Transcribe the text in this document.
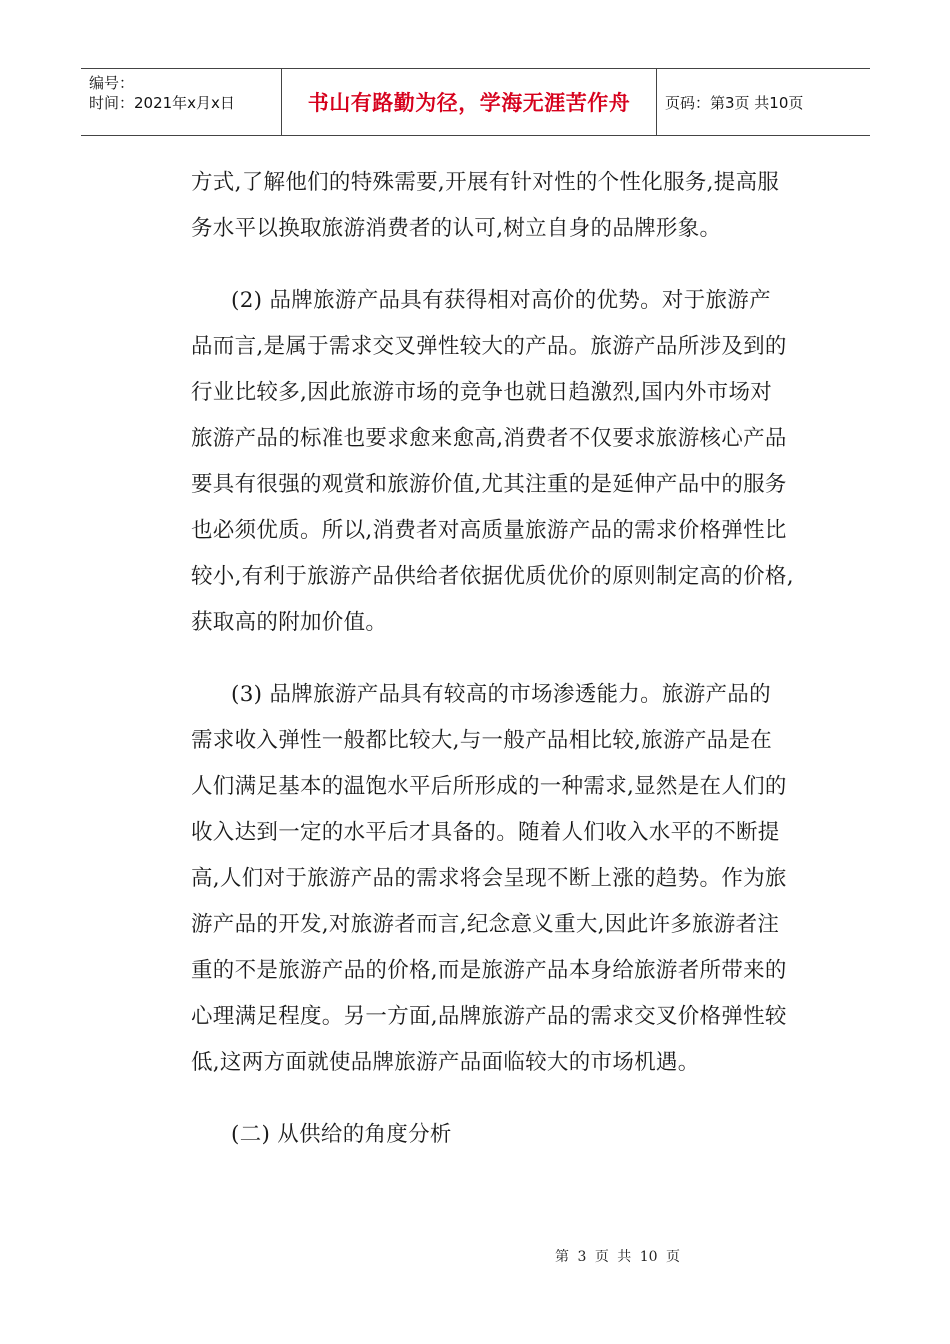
编号：
时间：2021年x月x日	书山有路勤为径，学海无涯苦作舟 页码：第3页 共10页
方式,了解他们的特殊需要,开展有针对性的个性化服务,提高服
务水平以换取旅游消费者的认可,树立自身的品牌形象。
(2) 品牌旅游产品具有获得相对高价的优势。对于旅游产
品而言,是属于需求交叉弹性较大的产品。旅游产品所涉及到的
行业比较多,因此旅游市场的竞争也就日趋激烈,国内外市场对
旅游产品的标准也要求愈来愈高,消费者不仅要求旅游核心产品
要具有很强的观赏和旅游价值,尤其注重的是延伸产品中的服务
也必须优质。所以,消费者对高质量旅游产品的需求价格弹性比
较小,有利于旅游产品供给者依据优质优价的原则制定高的价格,
获取高的附加价值。
(3) 品牌旅游产品具有较高的市场渗透能力。旅游产品的
需求收入弹性一般都比较大,与一般产品相比较,旅游产品是在
人们满足基本的温饱水平后所形成的一种需求,显然是在人们的
收入达到一定的水平后才具备的。随着人们收入水平的不断提
高,人们对于旅游产品的需求将会呈现不断上涨的趋势。作为旅
游产品的开发,对旅游者而言,纪念意义重大,因此许多旅游者注
重的不是旅游产品的价格,而是旅游产品本身给旅游者所带来的
心理满足程度。另一方面,品牌旅游产品的需求交叉价格弹性较
低,这两方面就使品牌旅游产品面临较大的市场机遇。
(二) 从供给的角度分析
第 3 页 共 10 页
